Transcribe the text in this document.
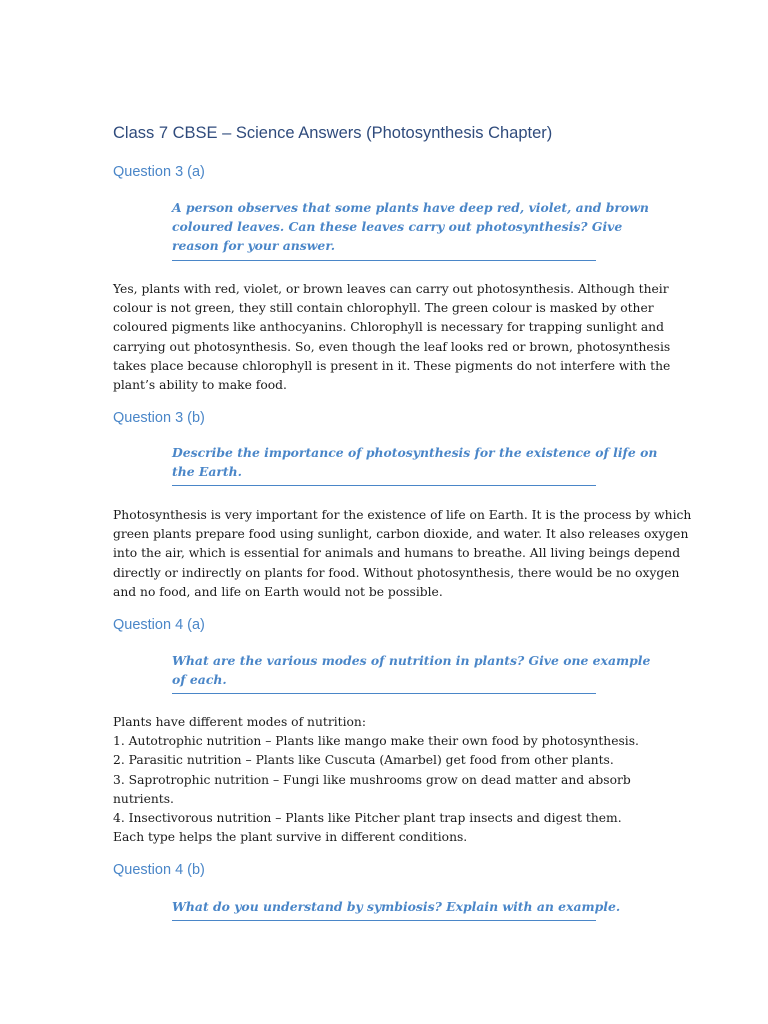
Class 7 CBSE – Science Answers (Photosynthesis Chapter)
Question 3 (a)
A person observes that some plants have deep red, violet, and brown
coloured leaves. Can these leaves carry out photosynthesis? Give
reason for your answer.
Yes, plants with red, violet, or brown leaves can carry out photosynthesis. Although their
colour is not green, they still contain chlorophyll. The green colour is masked by other
coloured pigments like anthocyanins. Chlorophyll is necessary for trapping sunlight and
carrying out photosynthesis. So, even though the leaf looks red or brown, photosynthesis
takes place because chlorophyll is present in it. These pigments do not interfere with the
plant’s ability to make food.
Question 3 (b)
Describe the importance of photosynthesis for the existence of life on
the Earth.
Photosynthesis is very important for the existence of life on Earth. It is the process by which
green plants prepare food using sunlight, carbon dioxide, and water. It also releases oxygen
into the air, which is essential for animals and humans to breathe. All living beings depend
directly or indirectly on plants for food. Without photosynthesis, there would be no oxygen
and no food, and life on Earth would not be possible.
Question 4 (a)
What are the various modes of nutrition in plants? Give one example
of each.
Plants have different modes of nutrition:
1. Autotrophic nutrition – Plants like mango make their own food by photosynthesis.
2. Parasitic nutrition – Plants like Cuscuta (Amarbel) get food from other plants.
3. Saprotrophic nutrition – Fungi like mushrooms grow on dead matter and absorb
nutrients.
4. Insectivorous nutrition – Plants like Pitcher plant trap insects and digest them.
Each type helps the plant survive in different conditions.
Question 4 (b)
What do you understand by symbiosis? Explain with an example.
